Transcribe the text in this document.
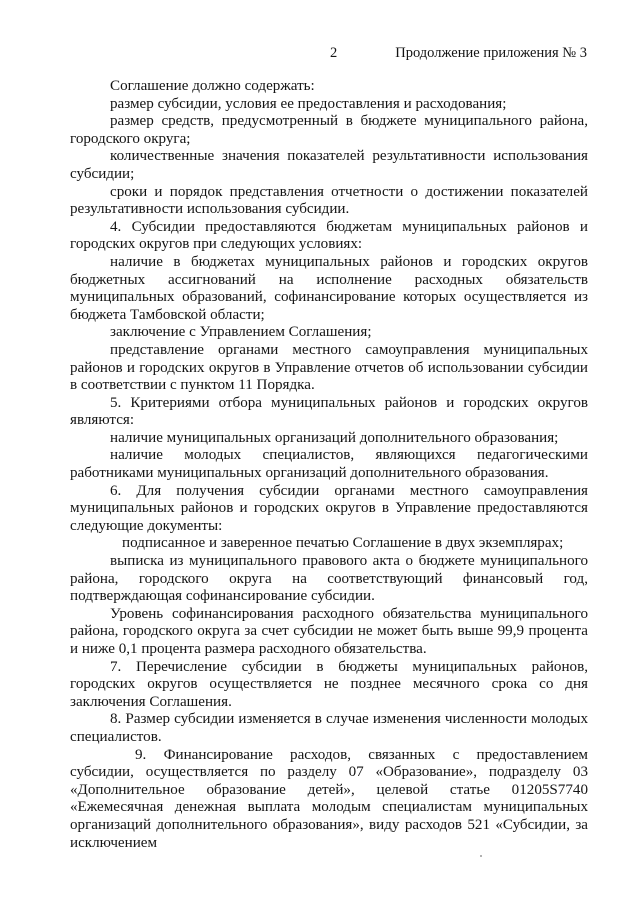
2	Продолжение приложения № 3

Соглашение должно содержать:

размер субсидии, условия ее предоставления и расходования;

размер средств, предусмотренный в бюджете муниципального района, городского округа;

количественные значения показателей результативности использования субсидии;

сроки и порядок представления отчетности о достижении показателей результативности использования субсидии.

4. Субсидии предоставляются бюджетам муниципальных районов и городских округов при следующих условиях:

наличие в бюджетах муниципальных районов и городских округов бюджетных ассигнований на исполнение расходных обязательств муниципальных образований, софинансирование которых осуществляется из бюджета Тамбовской области;

заключение с Управлением Соглашения;

представление органами местного самоуправления муниципальных районов и городских округов в Управление отчетов об использовании субсидии в соответствии с пунктом 11 Порядка.

5. Критериями отбора муниципальных районов и городских округов являются:

наличие муниципальных организаций дополнительного образования;

наличие молодых специалистов, являющихся педагогическими работниками муниципальных организаций дополнительного образования.

6. Для получения субсидии органами местного самоуправления муниципальных районов и городских округов в Управление предоставляются следующие документы:

подписанное и заверенное печатью Соглашение в двух экземплярах;

выписка из муниципального правового акта о бюджете муниципального района, городского округа на соответствующий финансовый год, подтверждающая софинансирование субсидии.

Уровень софинансирования расходного обязательства муниципального района, городского округа за счет субсидии не может быть выше 99,9 процента и ниже 0,1 процента размера расходного обязательства.

7. Перечисление субсидии в бюджеты муниципальных районов, городских округов осуществляется не позднее месячного срока со дня заключения Соглашения.

8. Размер субсидии изменяется в случае изменения численности молодых специалистов.

9. Финансирование расходов, связанных с предоставлением субсидии, осуществляется по разделу 07 «Образование», подразделу 03 «Дополнительное образование детей», целевой статье 01205S7740 «Ежемесячная денежная выплата молодым специалистам муниципальных организаций дополнительного образования», виду расходов 521 «Субсидии, за исключением
